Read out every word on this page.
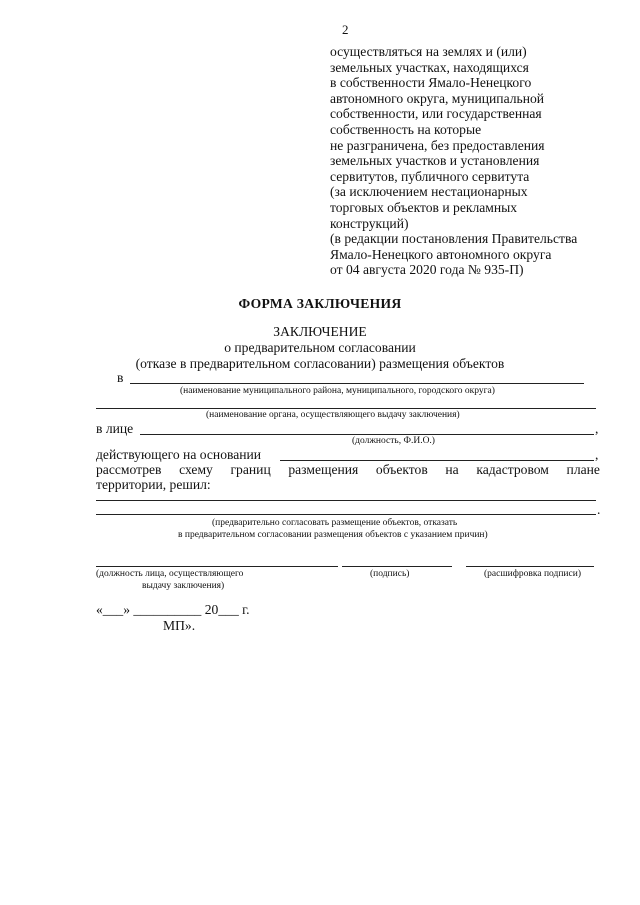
2
осуществляться на землях и (или)
земельных участках, находящихся
в собственности Ямало-Ненецкого
автономного округа, муниципальной
собственности, или государственная
собственность на которые
не разграничена, без предоставления
земельных участков и установления
сервитутов, публичного сервитута
(за исключением нестационарных
торговых объектов и рекламных
конструкций)
(в редакции постановления Правительства
Ямало-Ненецкого автономного округа
от 04 августа 2020 года № 935-П)
ФОРМА ЗАКЛЮЧЕНИЯ
ЗАКЛЮЧЕНИЕ
о предварительном согласовании
(отказе в предварительном согласовании) размещения объектов
в
(наименование муниципального района, муниципального, городского округа)
(наименование органа, осуществляющего выдачу заключения)
в лице	,
(должность, Ф.И.О.)
действующего на основании	,
рассмотрев схему границ размещения объектов на кадастровом плане
территории, решил:
.
(предварительно согласовать размещение объектов, отказать
в предварительном согласовании размещения объектов с указанием причин)
(должность лица, осуществляющего
выдачу заключения)
(подпись)	(расшифровка подписи)
«___» __________ 20___ г.
МП».
